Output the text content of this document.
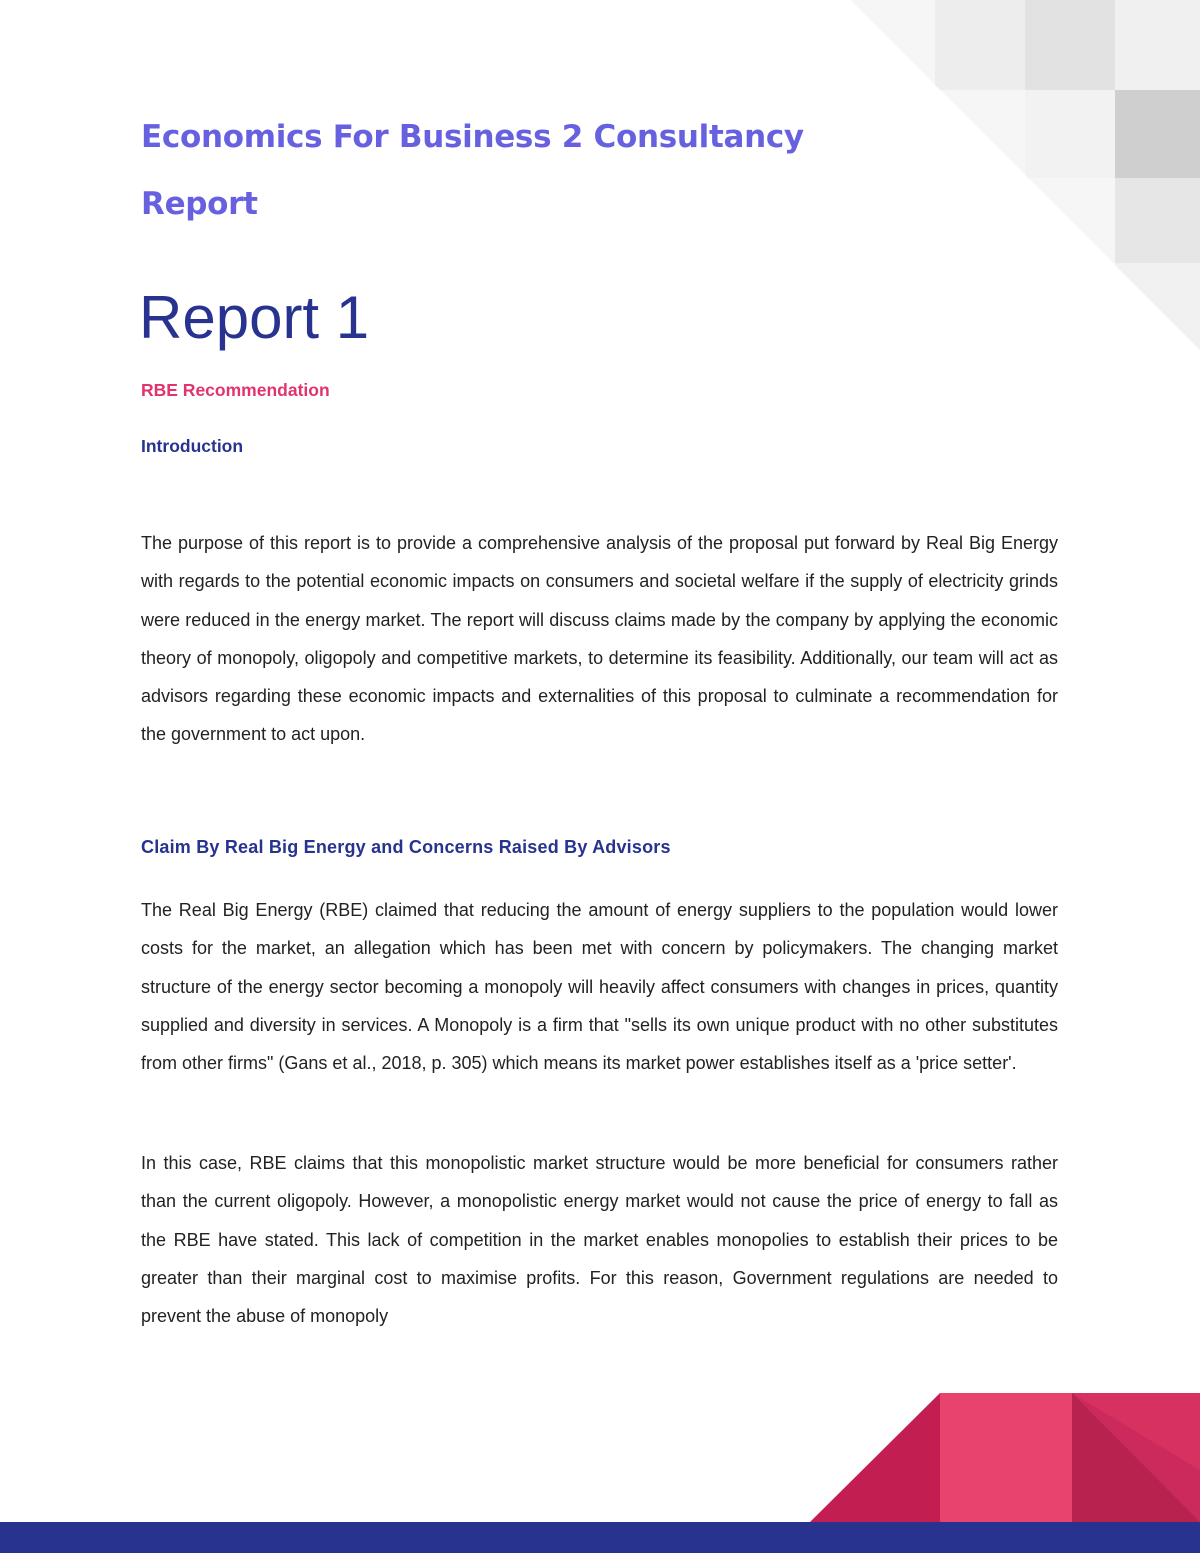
Economics For Business 2 Consultancy Report
Report 1
RBE Recommendation
Introduction

The purpose of this report is to provide a comprehensive analysis of the proposal put forward by Real Big Energy with regards to the potential economic impacts on consumers and societal welfare if the supply of electricity grinds were reduced in the energy market. The report will discuss claims made by the company by applying the economic theory of monopoly, oligopoly and competitive markets, to determine its feasibility. Additionally, our team will act as advisors regarding these economic impacts and externalities of this proposal to culminate a recommendation for the government to act upon.

Claim By Real Big Energy and Concerns Raised By Advisors

The Real Big Energy (RBE) claimed that reducing the amount of energy suppliers to the population would lower costs for the market, an allegation which has been met with concern by policymakers. The changing market structure of the energy sector becoming a monopoly will heavily affect consumers with changes in prices, quantity supplied and diversity in services. A Monopoly is a firm that "sells its own unique product with no other substitutes from other firms" (Gans et al., 2018, p. 305) which means its market power establishes itself as a 'price setter'.

In this case, RBE claims that this monopolistic market structure would be more beneficial for consumers rather than the current oligopoly. However, a monopolistic energy market would not cause the price of energy to fall as the RBE have stated. This lack of competition in the market enables monopolies to establish their prices to be greater than their marginal cost to maximise profits. For this reason, Government regulations are needed to prevent the abuse of monopoly
